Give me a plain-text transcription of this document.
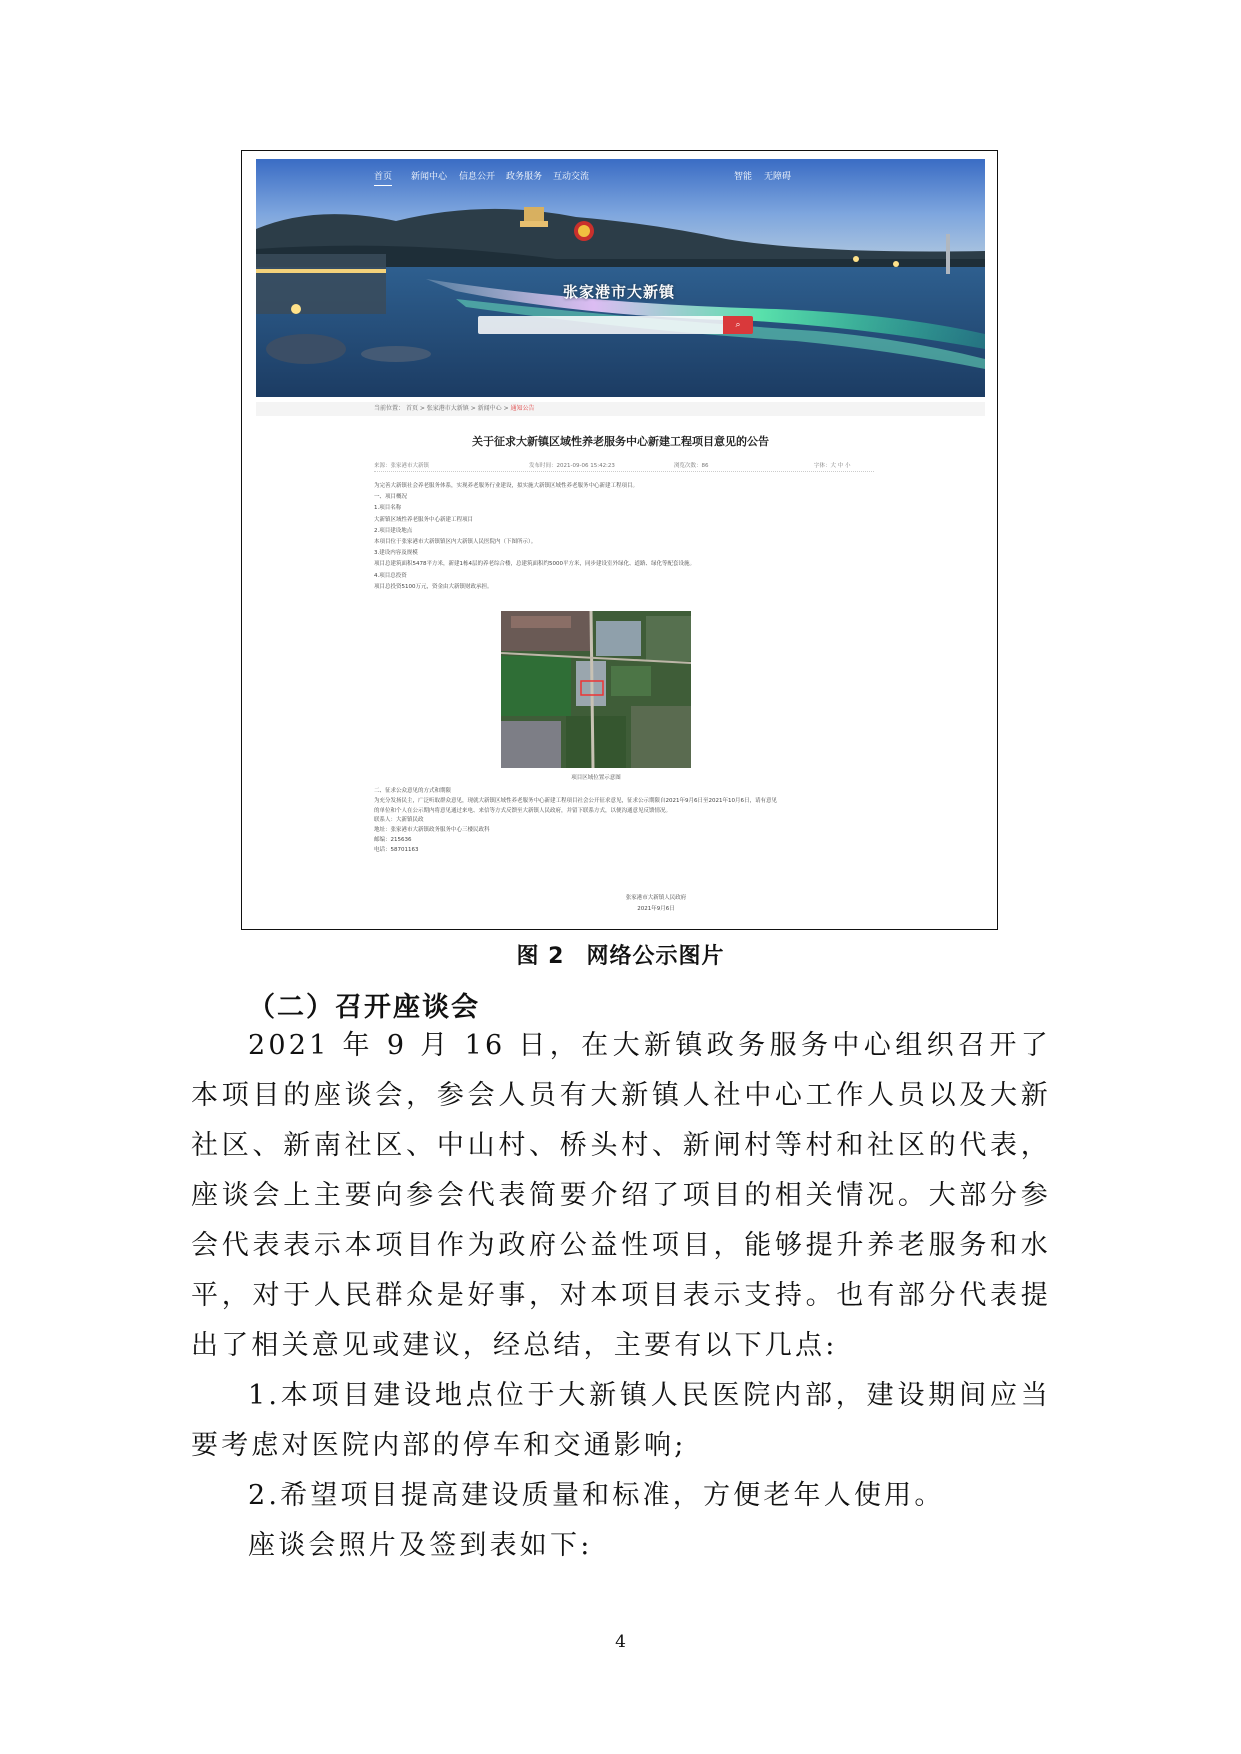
首页 新闻中心 信息公开 政务服务 互动交流	智能 无障碍
张家港市大新镇
⌕
当前位置： 首页 > 张家港市大新镇 > 新闻中心 > 通知公告
关于征求大新镇区域性养老服务中心新建工程项目意见的公告
来源：张家港市大新镇	发布时间：2021-09-06 15:42:23	浏览次数：86	字体：大 中 小
为完善大新镇社会养老服务体系，实现养老服务行业建设，拟实施大新镇区域性养老服务中心新建工程项目。
一、项目概况
1.项目名称
大新镇区域性养老服务中心新建工程项目
2.项目建设地点
本项目位于张家港市大新镇镇区内大新镇人民医院内（下图所示）。
3.建设内容及规模
项目总建筑面积5478平方米，新建1栋4层的养老综合楼，总建筑面积约5000平方米，同步建设室外绿化、道路、绿化等配套设施。
4.项目总投资
项目总投资5100万元，资金由大新镇财政承担。
项目区域位置示意图
二、征求公众意见的方式和期限
为充分发扬民主，广泛听取群众意见，现就大新镇区域性养老服务中心新建工程项目社会公开征求意见，征求公示期限自2021年9月6日至2021年10月6日，请有意见
的单位和个人在公示期内将意见通过来电、来信等方式反馈至大新镇人民政府，并留下联系方式，以便沟通意见反馈情况。
联系人：大新镇民政
地址：张家港市大新镇政务服务中心三楼民政科
邮编：215636
电话：58701163
张家港市大新镇人民政府
2021年9月6日
图 2 网络公示图片
（二）召开座谈会
2021 年 9 月 16 日，在大新镇政务服务中心组织召开了本项目的座谈会，参会人员有大新镇人社中心工作人员以及大新社区、新南社区、中山村、桥头村、新闸村等村和社区的代表，座谈会上主要向参会代表简要介绍了项目的相关情况。大部分参会代表表示本项目作为政府公益性项目，能够提升养老服务和水平，对于人民群众是好事，对本项目表示支持。也有部分代表提出了相关意见或建议，经总结，主要有以下几点:
1.本项目建设地点位于大新镇人民医院内部，建设期间应当要考虑对医院内部的停车和交通影响;
2.希望项目提高建设质量和标准，方便老年人使用。
座谈会照片及签到表如下:
4
